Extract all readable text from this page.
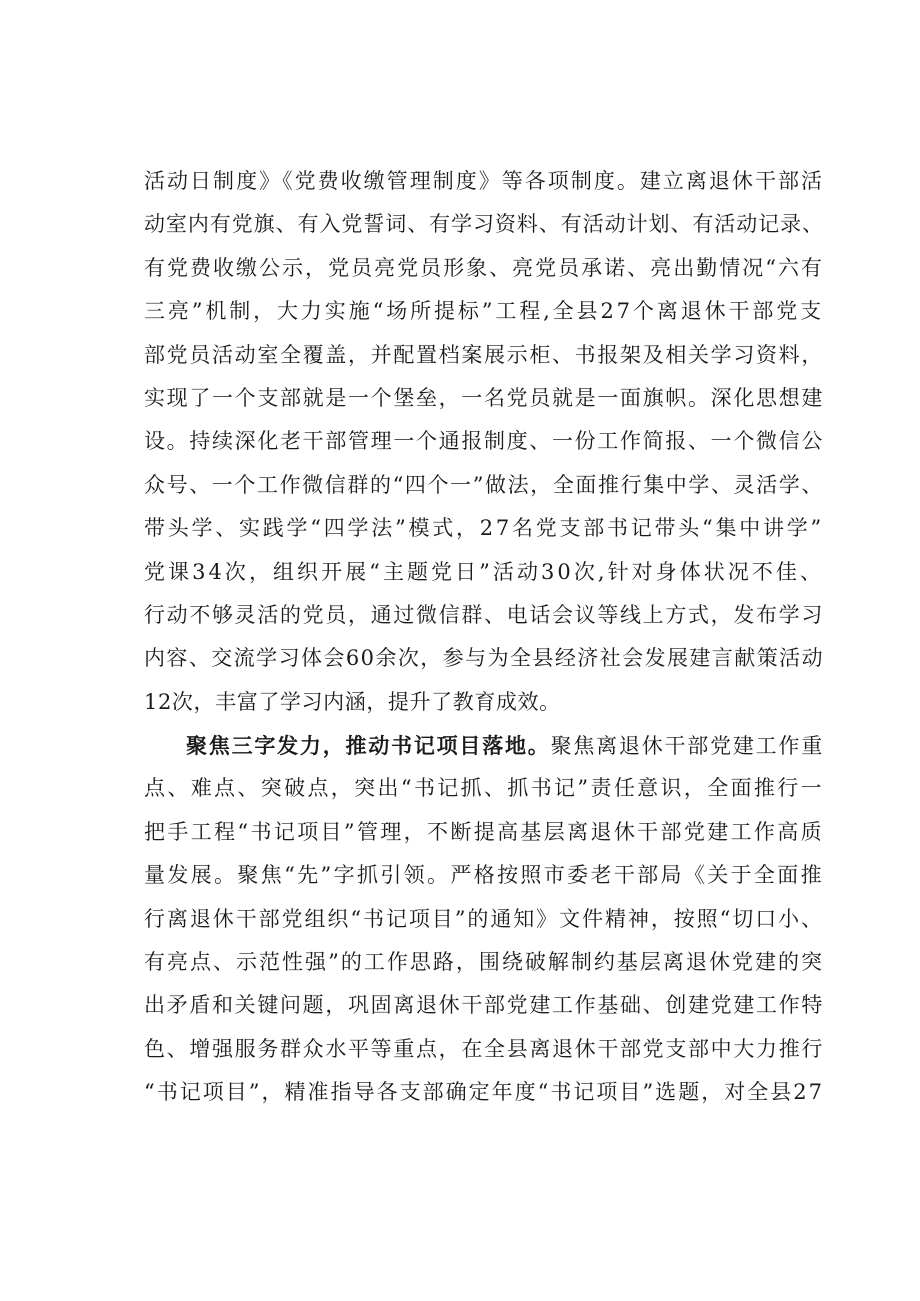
活动日制度》《党费收缴管理制度》等各项制度。建立离退休干部活
动室内有党旗、有入党誓词、有学习资料、有活动计划、有活动记录、
有党费收缴公示，党员亮党员形象、亮党员承诺、亮出勤情况“六有
三亮”机制，大力实施“场所提标”工程,全县27个离退休干部党支
部党员活动室全覆盖，并配置档案展示柜、书报架及相关学习资料，
实现了一个支部就是一个堡垒，一名党员就是一面旗帜。深化思想建
设。持续深化老干部管理一个通报制度、一份工作简报、一个微信公
众号、一个工作微信群的“四个一”做法，全面推行集中学、灵活学、
带头学、实践学“四学法”模式，27名党支部书记带头“集中讲学”
党课34次，组织开展“主题党日”活动30次,针对身体状况不佳、
行动不够灵活的党员，通过微信群、电话会议等线上方式，发布学习
内容、交流学习体会60余次，参与为全县经济社会发展建言献策活动
12次，丰富了学习内涵，提升了教育成效。
聚焦三字发力，推动书记项目落地。聚焦离退休干部党建工作重
点、难点、突破点，突出“书记抓、抓书记”责任意识，全面推行一
把手工程“书记项目”管理，不断提高基层离退休干部党建工作高质
量发展。聚焦“先”字抓引领。严格按照市委老干部局《关于全面推
行离退休干部党组织“书记项目”的通知》文件精神，按照“切口小、
有亮点、示范性强”的工作思路，围绕破解制约基层离退休党建的突
出矛盾和关键问题，巩固离退休干部党建工作基础、创建党建工作特
色、增强服务群众水平等重点，在全县离退休干部党支部中大力推行
“书记项目”，精准指导各支部确定年度“书记项目”选题，对全县27
